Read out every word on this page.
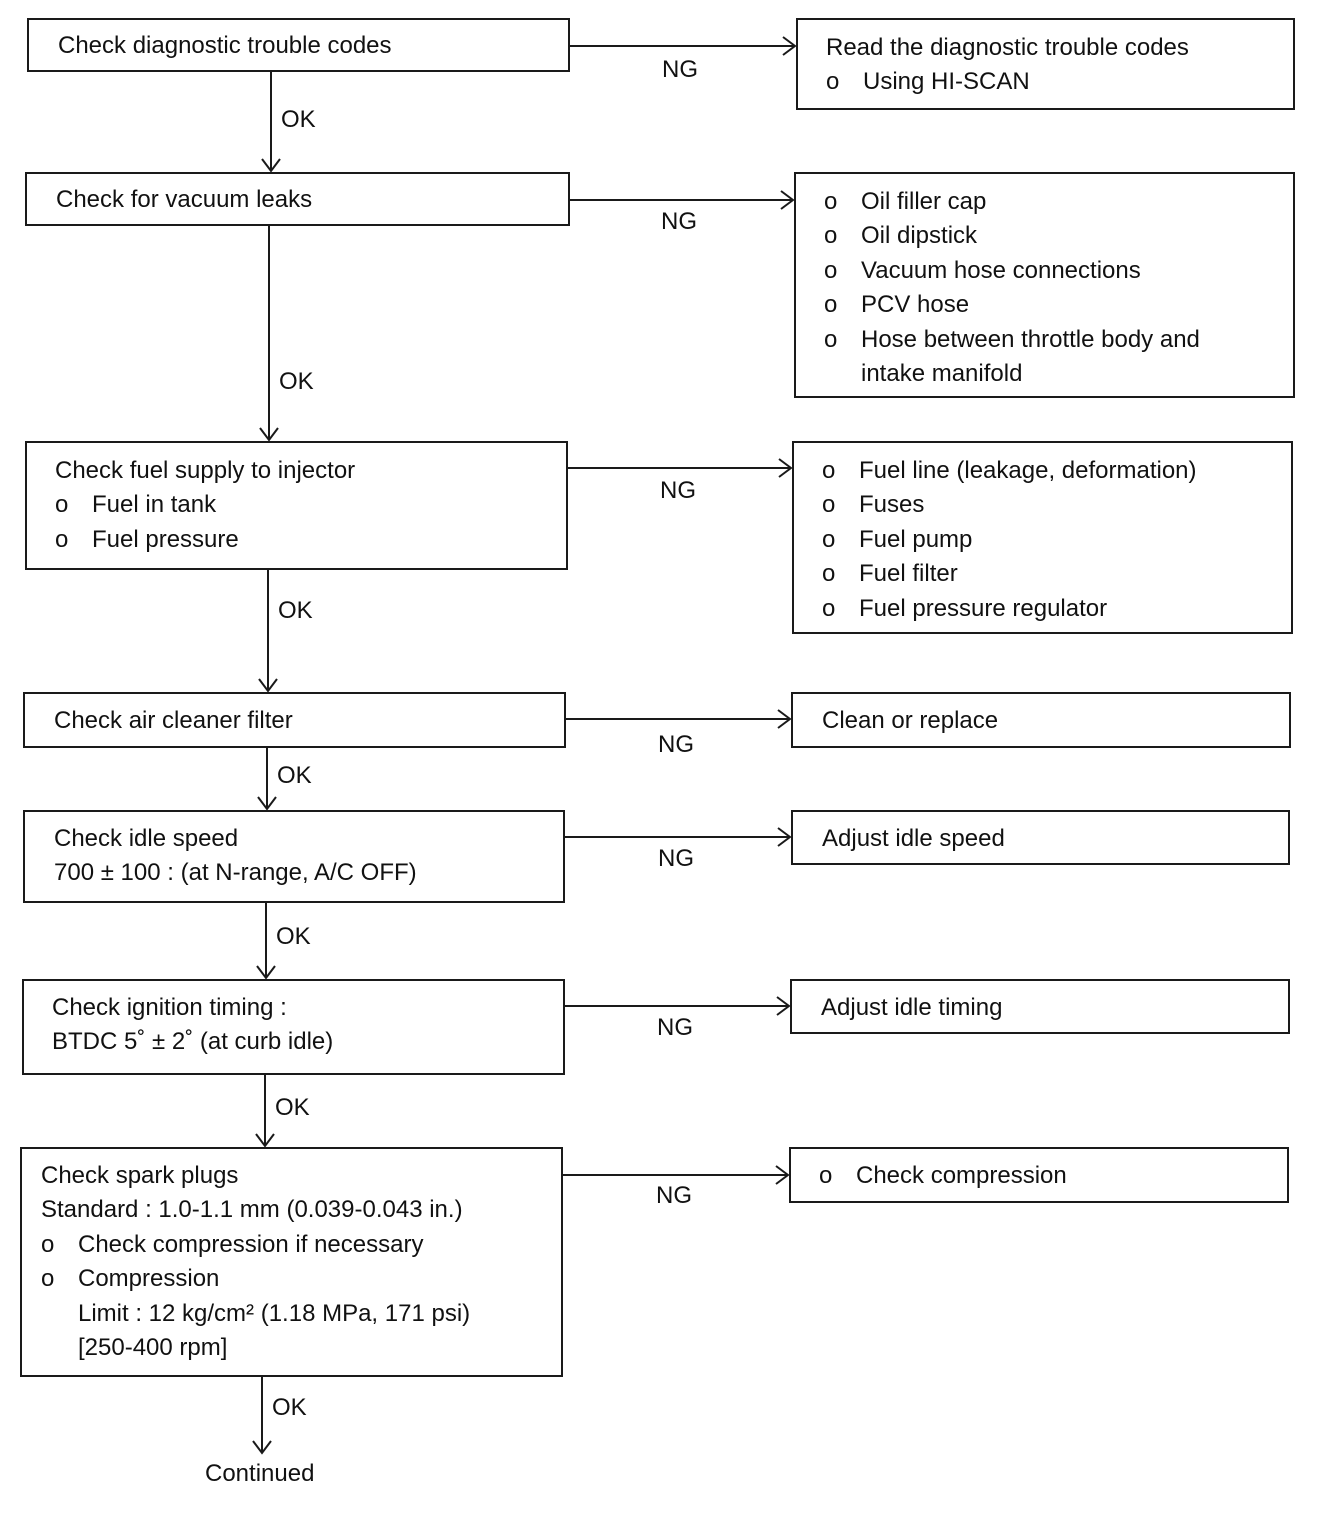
Check diagnostic trouble codes	Read the diagnostic trouble codes
o Using HI-SCAN
NG
OK
Check for vacuum leaks	o Oil filler cap
o Oil dipstick
o Vacuum hose connections
o PCV hose
o Hose between throttle body and
intake manifold
NG
OK
Check fuel supply to injector
o Fuel in tank
o Fuel pressure
o Fuel line (leakage, deformation)
o Fuses
o Fuel pump
o Fuel filter
o Fuel pressure regulator
NG
OK
Check air cleaner filter	Clean or replace
NG
OK
Check idle speed
700 ± 100 : (at N-range, A/C OFF)
Adjust idle speed
NG
OK
Check ignition timing :
BTDC 5˚ ± 2˚ (at curb idle)
Adjust idle timing
NG
OK
Check spark plugs
Standard : 1.0-1.1 mm (0.039-0.043 in.)
o Check compression if necessary
o Compression
Limit : 12 kg/cm² (1.18 MPa, 171 psi)
[250-400 rpm]
o Check compression
NG
OK
Continued
